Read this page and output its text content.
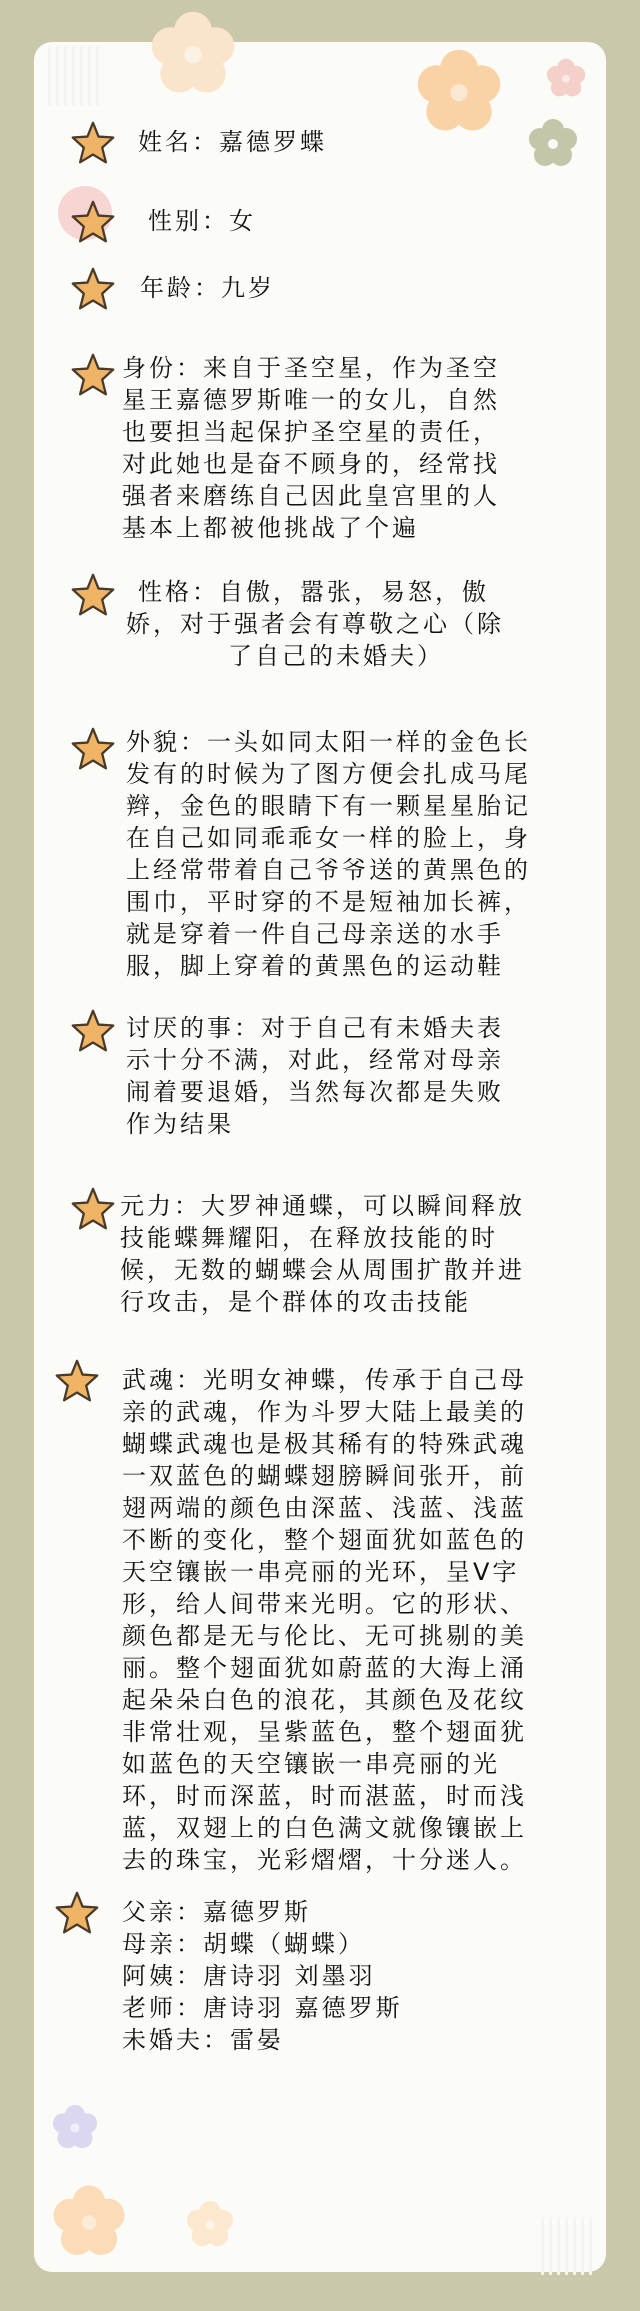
姓名：嘉德罗蝶
性别：女
年龄：九岁
身份：来自于圣空星，作为圣空
星王嘉德罗斯唯一的女儿，自然
也要担当起保护圣空星的责任，
对此她也是奋不顾身的，经常找
强者来磨练自己因此皇宫里的人
基本上都被他挑战了个遍
性格：自傲，嚣张，易怒，傲
娇，对于强者会有尊敬之心（除
了自己的未婚夫）
外貌：一头如同太阳一样的金色长
发有的时候为了图方便会扎成马尾
辫，金色的眼睛下有一颗星星胎记
在自己如同乖乖女一样的脸上，身
上经常带着自己爷爷送的黄黑色的
围巾，平时穿的不是短袖加长裤，
就是穿着一件自己母亲送的水手
服，脚上穿着的黄黑色的运动鞋
讨厌的事：对于自己有未婚夫表
示十分不满，对此，经常对母亲
闹着要退婚，当然每次都是失败
作为结果
元力：大罗神通蝶，可以瞬间释放
技能蝶舞耀阳，在释放技能的时
候，无数的蝴蝶会从周围扩散并进
行攻击，是个群体的攻击技能
武魂：光明女神蝶，传承于自己母
亲的武魂，作为斗罗大陆上最美的
蝴蝶武魂也是极其稀有的特殊武魂
一双蓝色的蝴蝶翅膀瞬间张开，前
翅两端的颜色由深蓝、浅蓝、浅蓝
不断的变化，整个翅面犹如蓝色的
天空镶嵌一串亮丽的光环，呈V字
形，给人间带来光明。它的形状、
颜色都是无与伦比、无可挑剔的美
丽。整个翅面犹如蔚蓝的大海上涌
起朵朵白色的浪花，其颜色及花纹
非常壮观，呈紫蓝色，整个翅面犹
如蓝色的天空镶嵌一串亮丽的光
环，时而深蓝，时而湛蓝，时而浅
蓝，双翅上的白色满文就像镶嵌上
去的珠宝，光彩熠熠，十分迷人。
父亲：嘉德罗斯
母亲：胡蝶（蝴蝶）
阿姨：唐诗羽 刘墨羽
老师：唐诗羽 嘉德罗斯
未婚夫：雷晏
